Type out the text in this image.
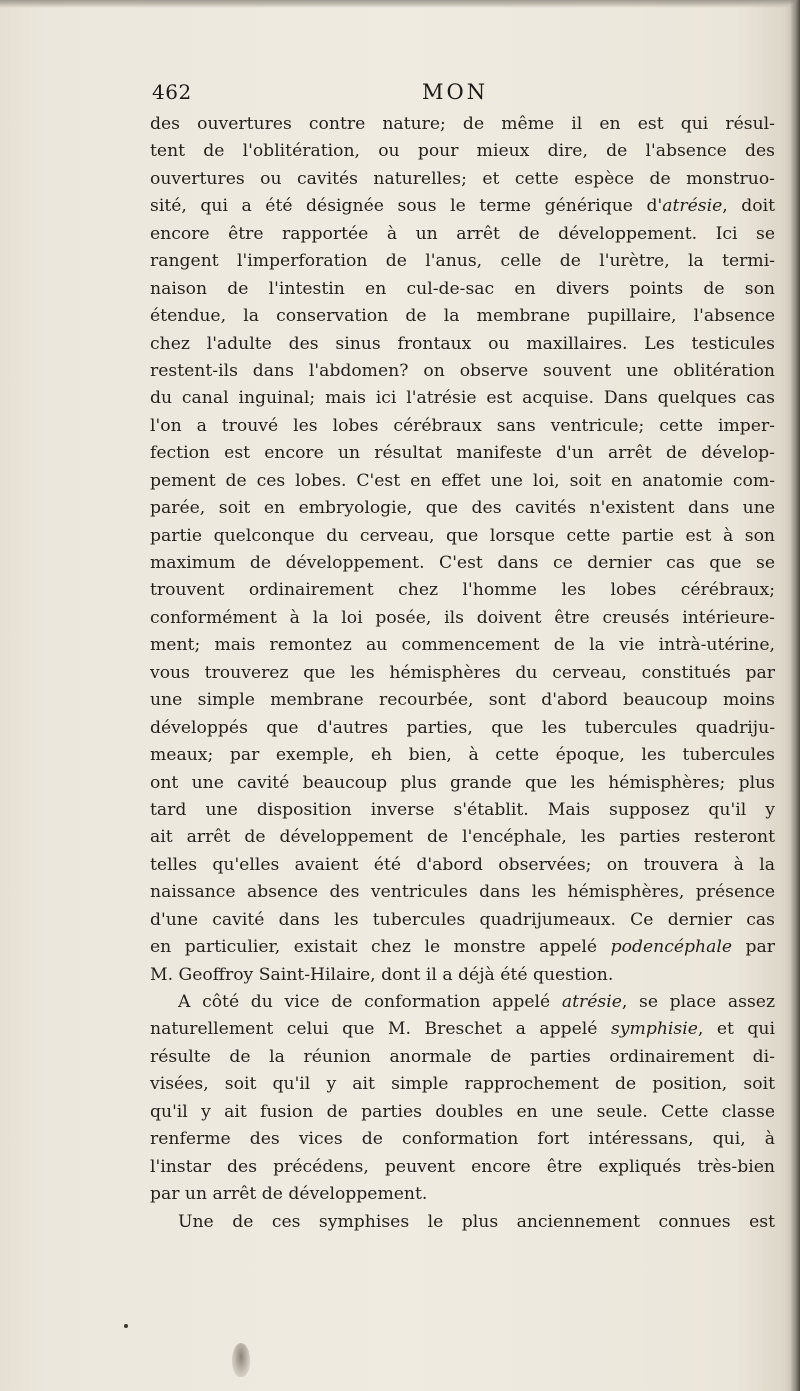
462	MON
des ouvertures contre nature; de même il en est qui résul-
tent de l'oblitération, ou pour mieux dire, de l'absence des
ouvertures ou cavités naturelles; et cette espèce de monstruo-
sité, qui a été désignée sous le terme générique d'atrésie, doit
encore être rapportée à un arrêt de développement. Ici se
rangent l'imperforation de l'anus, celle de l'urètre, la termi-
naison de l'intestin en cul-de-sac en divers points de son
étendue, la conservation de la membrane pupillaire, l'absence
chez l'adulte des sinus frontaux ou maxillaires. Les testicules
restent-ils dans l'abdomen? on observe souvent une oblitération
du canal inguinal; mais ici l'atrésie est acquise. Dans quelques cas
l'on a trouvé les lobes cérébraux sans ventricule; cette imper-
fection est encore un résultat manifeste d'un arrêt de dévelop-
pement de ces lobes. C'est en effet une loi, soit en anatomie com-
parée, soit en embryologie, que des cavités n'existent dans une
partie quelconque du cerveau, que lorsque cette partie est à son
maximum de développement. C'est dans ce dernier cas que se
trouvent ordinairement chez l'homme les lobes cérébraux;
conformément à la loi posée, ils doivent être creusés intérieure-
ment; mais remontez au commencement de la vie intrà-utérine,
vous trouverez que les hémisphères du cerveau, constitués par
une simple membrane recourbée, sont d'abord beaucoup moins
développés que d'autres parties, que les tubercules quadriju-
meaux; par exemple, eh bien, à cette époque, les tubercules
ont une cavité beaucoup plus grande que les hémisphères; plus
tard une disposition inverse s'établit. Mais supposez qu'il y
ait arrêt de développement de l'encéphale, les parties resteront
telles qu'elles avaient été d'abord observées; on trouvera à la
naissance absence des ventricules dans les hémisphères, présence
d'une cavité dans les tubercules quadrijumeaux. Ce dernier cas
en particulier, existait chez le monstre appelé podencéphale par
M. Geoffroy Saint-Hilaire, dont il a déjà été question.
A côté du vice de conformation appelé atrésie, se place assez
naturellement celui que M. Breschet a appelé symphisie, et qui
résulte de la réunion anormale de parties ordinairement di-
visées, soit qu'il y ait simple rapprochement de position, soit
qu'il y ait fusion de parties doubles en une seule. Cette classe
renferme des vices de conformation fort intéressans, qui, à
l'instar des précédens, peuvent encore être expliqués très-bien
par un arrêt de développement.
Une de ces symphises le plus anciennement connues est
